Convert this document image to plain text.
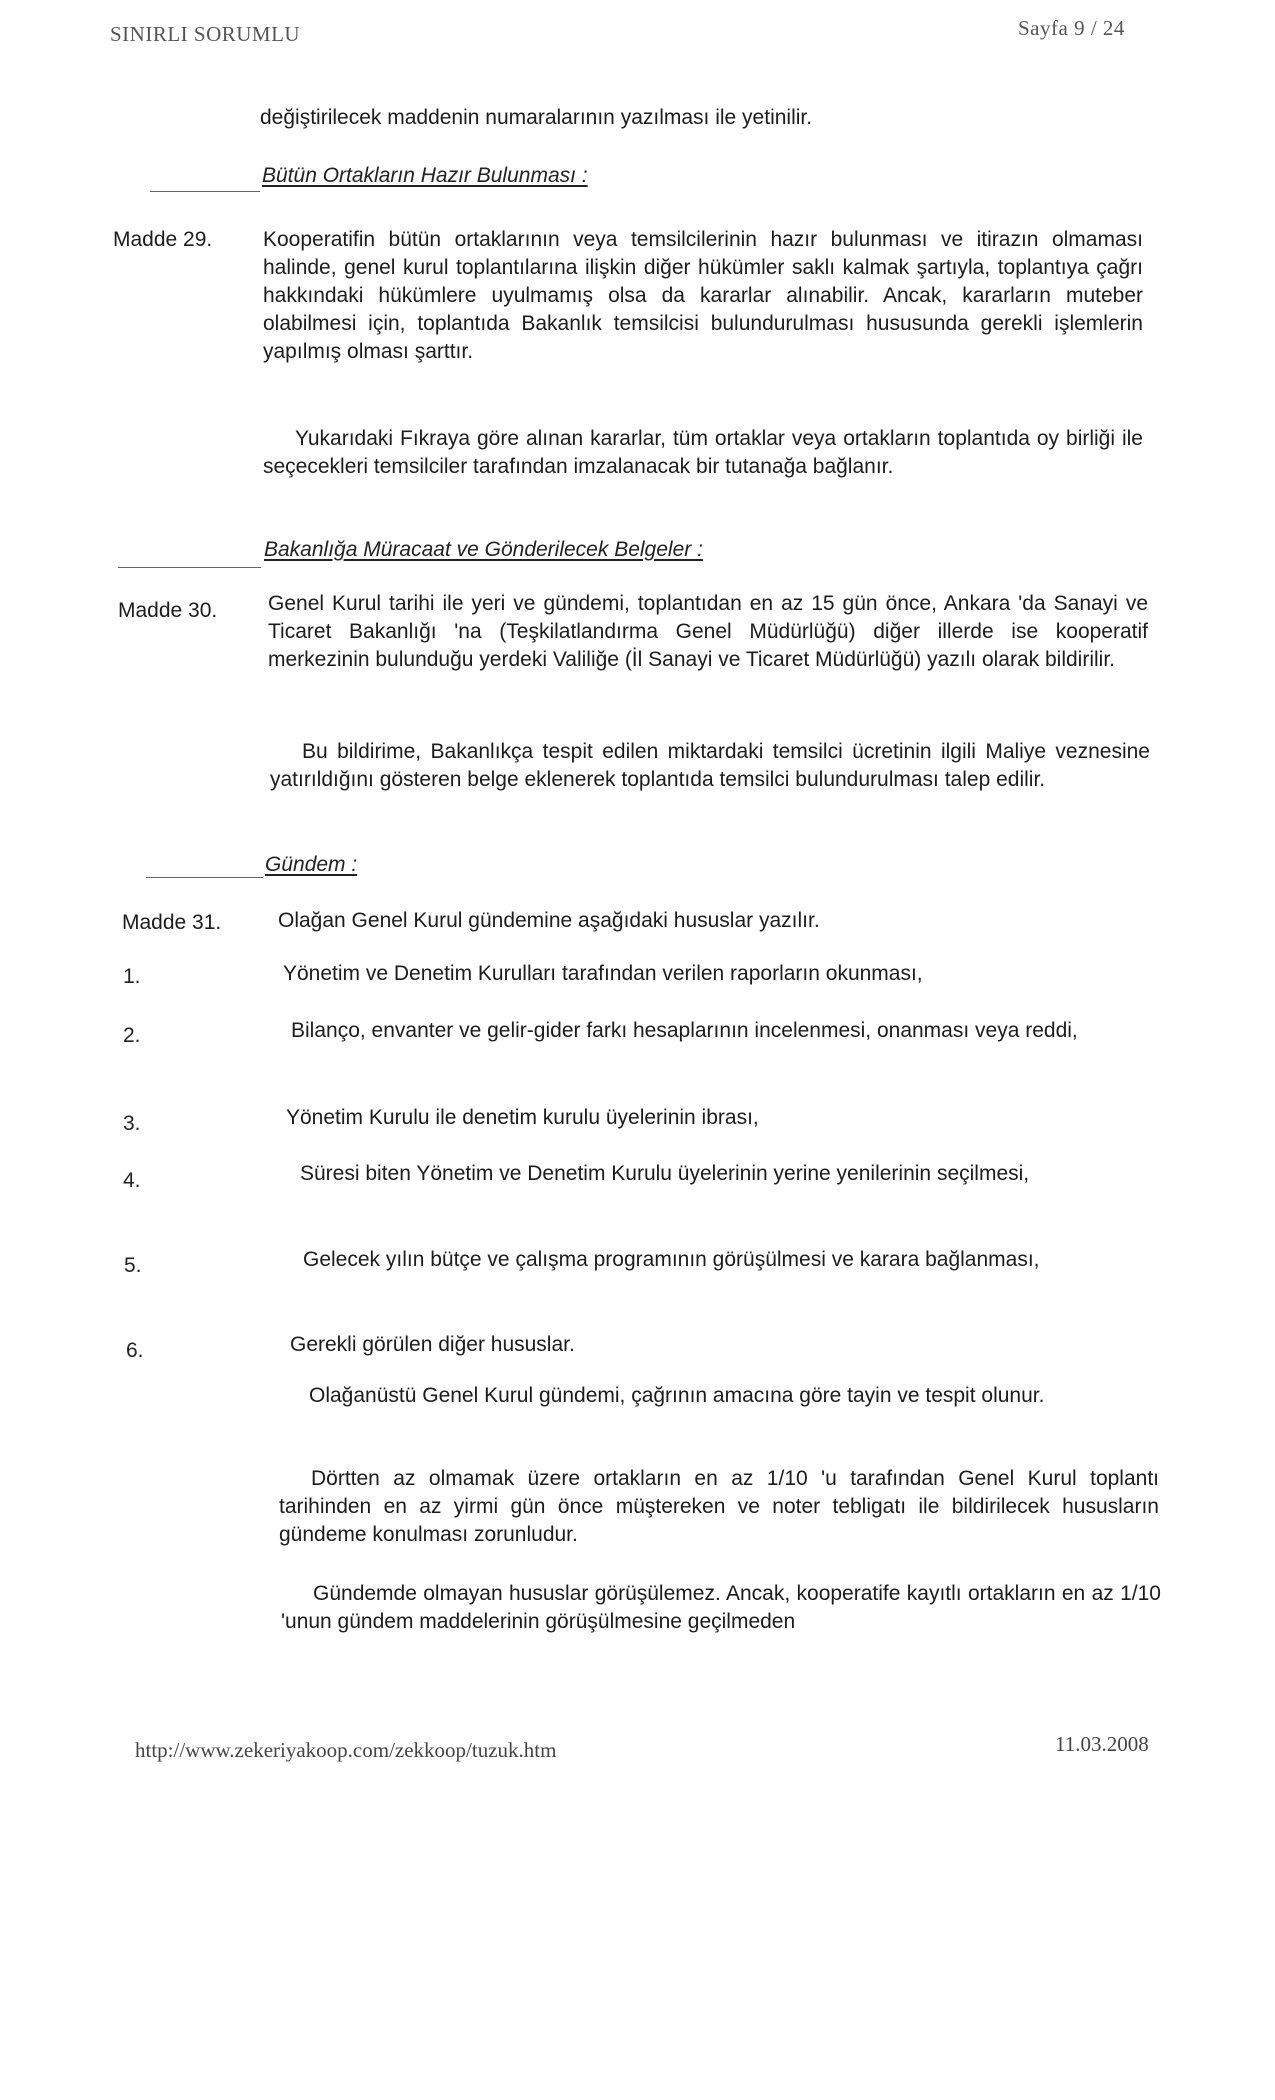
SINIRLI SORUMLU	Sayfa 9 / 24
değiştirilecek maddenin numaralarının yazılması ile yetinilir.
Bütün Ortakların Hazır Bulunması :
Madde 29. Kooperatifin bütün ortaklarının veya temsilcilerinin hazır bulunması ve itirazın olmaması halinde, genel kurul toplantılarına ilişkin diğer hükümler saklı kalmak şartıyla, toplantıya çağrı hakkındaki hükümlere uyulmamış olsa da kararlar alınabilir. Ancak, kararların muteber olabilmesi için, toplantıda Bakanlık temsilcisi bulundurulması hususunda gerekli işlemlerin yapılmış olması şarttır.
Yukarıdaki Fıkraya göre alınan kararlar, tüm ortaklar veya ortakların toplantıda oy birliği ile seçecekleri temsilciler tarafından imzalanacak bir tutanağa bağlanır.
Bakanlığa Müracaat ve Gönderilecek Belgeler :
Madde 30. Genel Kurul tarihi ile yeri ve gündemi, toplantıdan en az 15 gün önce, Ankara 'da Sanayi ve Ticaret Bakanlığı 'na (Teşkilatlandırma Genel Müdürlüğü) diğer illerde ise kooperatif merkezinin bulunduğu yerdeki Valiliğe (İl Sanayi ve Ticaret Müdürlüğü) yazılı olarak bildirilir.
Bu bildirime, Bakanlıkça tespit edilen miktardaki temsilci ücretinin ilgili Maliye veznesine yatırıldığını gösteren belge eklenerek toplantıda temsilci bulundurulması talep edilir.
Gündem :
Madde 31.	Olağan Genel Kurul gündemine aşağıdaki hususlar yazılır.
1.	Yönetim ve Denetim Kurulları tarafından verilen raporların okunması,
2.	Bilanço, envanter ve gelir-gider farkı hesaplarının incelenmesi, onanması veya reddi,
3.	Yönetim Kurulu ile denetim kurulu üyelerinin ibrası,
4.	Süresi biten Yönetim ve Denetim Kurulu üyelerinin yerine yenilerinin seçilmesi,
5.	Gelecek yılın bütçe ve çalışma programının görüşülmesi ve karara bağlanması,
6.	Gerekli görülen diğer hususlar.
Olağanüstü Genel Kurul gündemi, çağrının amacına göre tayin ve tespit olunur.
Dörtten az olmamak üzere ortakların en az 1/10 'u tarafından Genel Kurul toplantı tarihinden en az yirmi gün önce müştereken ve noter tebligatı ile bildirilecek hususların gündeme konulması zorunludur.
Gündemde olmayan hususlar görüşülemez. Ancak, kooperatife kayıtlı ortakların en az 1/10 'unun gündem maddelerinin görüşülmesine geçilmeden
http://www.zekeriyakoop.com/zekkoop/tuzuk.htm	11.03.2008
